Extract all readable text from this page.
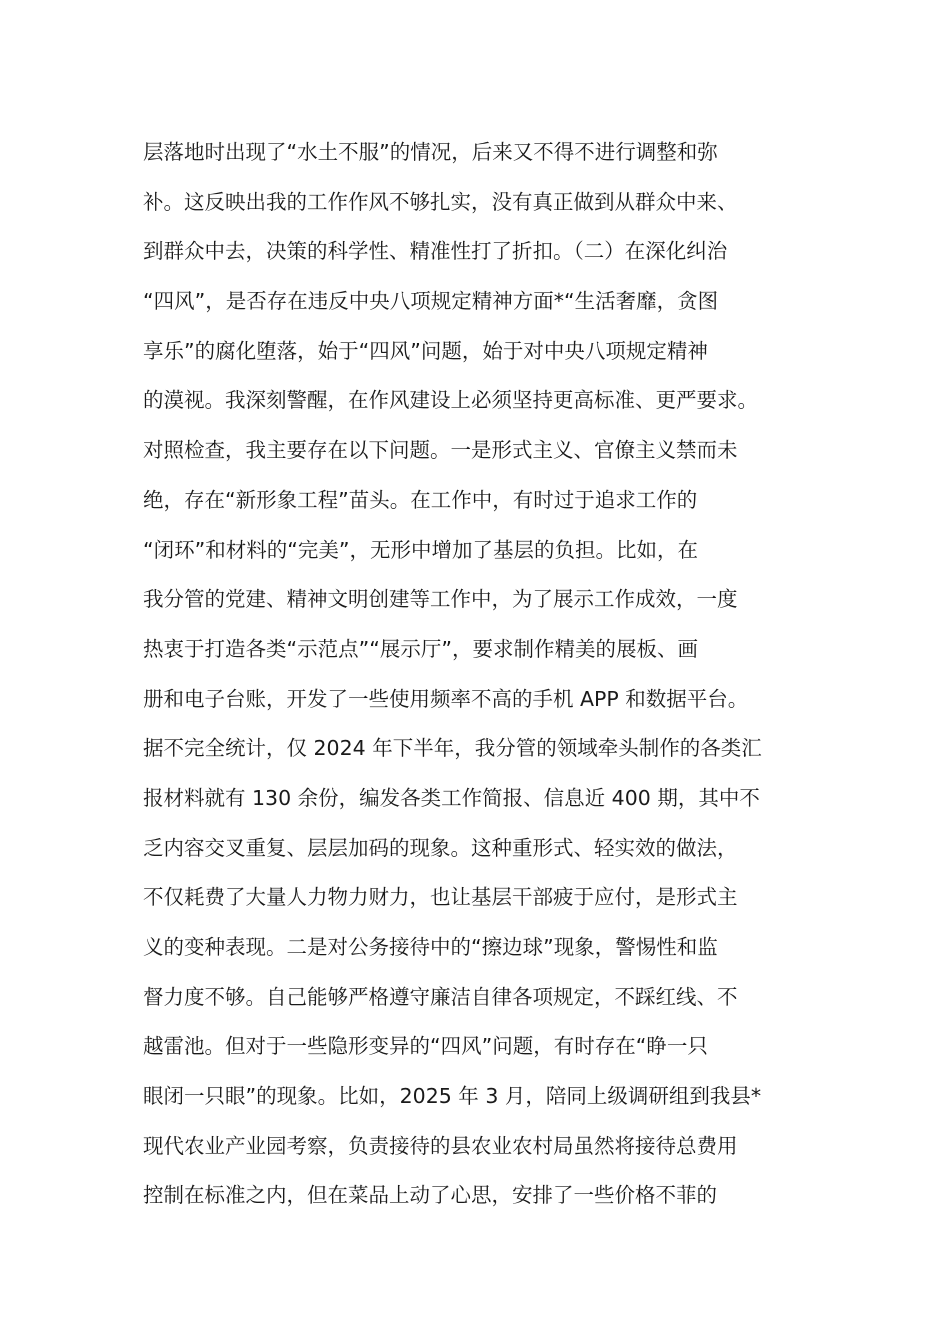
层落地时出现了“水土不服”的情况，后来又不得不进行调整和弥
补。这反映出我的工作作风不够扎实，没有真正做到从群众中来、
到群众中去，决策的科学性、精准性打了折扣。（二）在深化纠治
“四风”，是否存在违反中央八项规定精神方面*“生活奢靡，贪图
享乐”的腐化堕落，始于“四风”问题，始于对中央八项规定精神
的漠视。我深刻警醒，在作风建设上必须坚持更高标准、更严要求。
对照检查，我主要存在以下问题。一是形式主义、官僚主义禁而未
绝，存在“新形象工程”苗头。在工作中，有时过于追求工作的
“闭环”和材料的“完美”，无形中增加了基层的负担。比如，在
我分管的党建、精神文明创建等工作中，为了展示工作成效，一度
热衷于打造各类“示范点”“展示厅”，要求制作精美的展板、画
册和电子台账，开发了一些使用频率不高的手机 APP 和数据平台。
据不完全统计，仅 2024 年下半年，我分管的领域牵头制作的各类汇
报材料就有 130 余份，编发各类工作简报、信息近 400 期，其中不
乏内容交叉重复、层层加码的现象。这种重形式、轻实效的做法，
不仅耗费了大量人力物力财力，也让基层干部疲于应付，是形式主
义的变种表现。二是对公务接待中的“擦边球”现象，警惕性和监
督力度不够。自己能够严格遵守廉洁自律各项规定，不踩红线、不
越雷池。但对于一些隐形变异的“四风”问题，有时存在“睁一只
眼闭一只眼”的现象。比如，2025 年 3 月，陪同上级调研组到我县*
现代农业产业园考察，负责接待的县农业农村局虽然将接待总费用
控制在标准之内，但在菜品上动了心思，安排了一些价格不菲的
